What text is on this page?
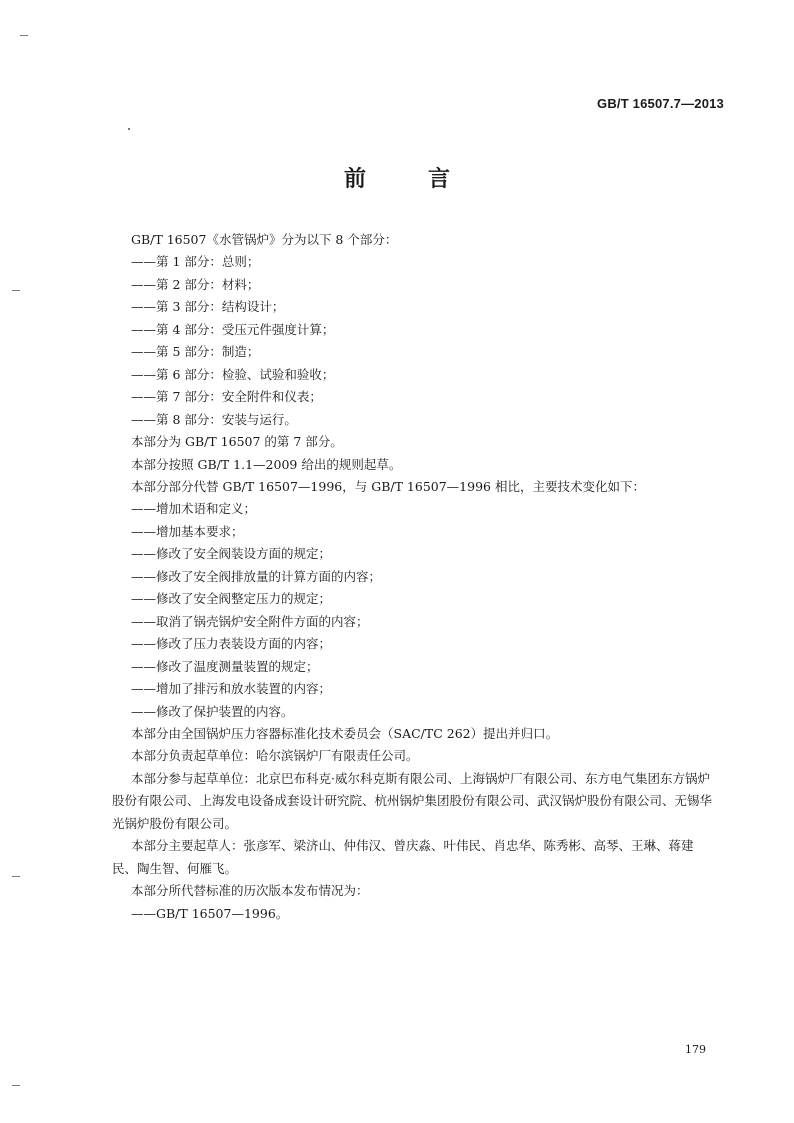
GB/T 16507.7—2013
前　言

GB/T 16507《水管锅炉》分为以下 8 个部分：

——第 1 部分：总则；

——第 2 部分：材料；

——第 3 部分：结构设计；

——第 4 部分：受压元件强度计算；

——第 5 部分：制造；

——第 6 部分：检验、试验和验收；

——第 7 部分：安全附件和仪表；

——第 8 部分：安装与运行。

本部分为 GB/T 16507 的第 7 部分。

本部分按照 GB/T 1.1—2009 给出的规则起草。

本部分部分代替 GB/T 16507—1996，与 GB/T 16507—1996 相比，主要技术变化如下：

——增加术语和定义；

——增加基本要求；

——修改了安全阀装设方面的规定；

——修改了安全阀排放量的计算方面的内容；

——修改了安全阀整定压力的规定；

——取消了锅壳锅炉安全附件方面的内容；

——修改了压力表装设方面的内容；

——修改了温度测量装置的规定；

——增加了排污和放水装置的内容；

——修改了保护装置的内容。

本部分由全国锅炉压力容器标准化技术委员会（SAC/TC 262）提出并归口。

本部分负责起草单位：哈尔滨锅炉厂有限责任公司。

本部分参与起草单位：北京巴布科克·威尔科克斯有限公司、上海锅炉厂有限公司、东方电气集团东方锅炉股份有限公司、上海发电设备成套设计研究院、杭州锅炉集团股份有限公司、武汉锅炉股份有限公司、无锡华光锅炉股份有限公司。

本部分主要起草人：张彦军、梁济山、仲伟汉、曾庆淼、叶伟民、肖忠华、陈秀彬、高琴、王琳、蒋建民、陶生智、何雁飞。

本部分所代替标准的历次版本发布情况为：

——GB/T 16507—1996。

179
